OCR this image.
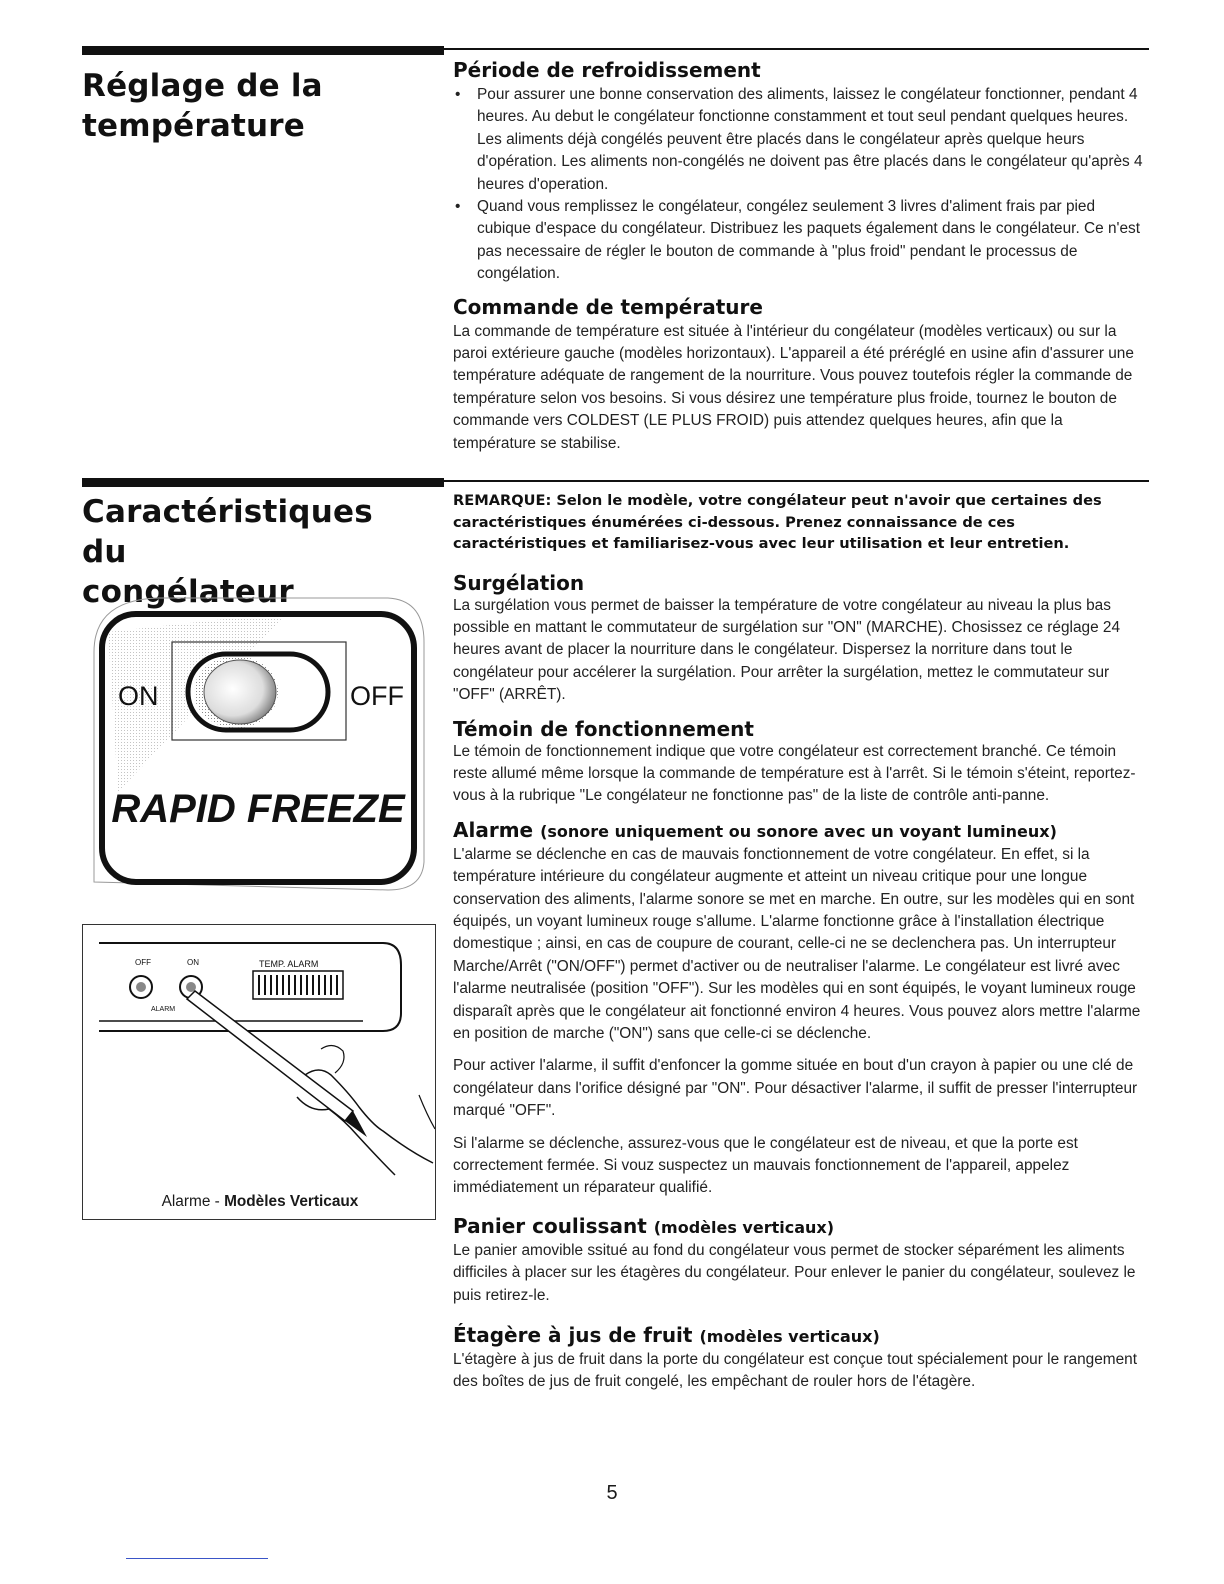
Réglage de la
température
Période de refroidissement
• Pour assurer une bonne conservation des aliments, laissez le congélateur fonctionner, pendant 4 heures. Au debut le congélateur fonctionne constamment et tout seul pendant quelques heures. Les aliments déjà congélés peuvent être placés dans le congélateur après quelque heurs d'opération. Les aliments non-congélés ne doivent pas être placés dans le congélateur qu'après 4 heures d'operation.
• Quand vous remplissez le congélateur, congélez seulement 3 livres d'aliment frais par pied cubique d'espace du congélateur. Distribuez les paquets également dans le congélateur. Ce n'est pas necessaire de régler le bouton de commande à "plus froid" pendant le processus de congélation.
Commande de température

La commande de température est située à l'intérieur du congélateur (modèles verticaux) ou sur la paroi extérieure gauche (modèles horizontaux). L'appareil a été préréglé en usine afin d'assurer une température adéquate de rangement de la nourriture. Vous pouvez toutefois régler la commande de température selon vos besoins. Si vous désirez une température plus froide, tournez le bouton de commande vers COLDEST (LE PLUS FROID) puis attendez quelques heures, afin que la température se stabilise.

Caractéristiques du
congélateur
REMARQUE: Selon le modèle, votre congélateur peut n'avoir que certaines des caractéristiques énumérées ci-dessous. Prenez connaissance de ces caractéristiques et familiarisez-vous avec leur utilisation et leur entretien.
Surgélation

La surgélation vous permet de baisser la température de votre congélateur au niveau la plus bas possible en mattant le commutateur de surgélation sur "ON" (MARCHE). Chosissez ce réglage 24 heures avant de placer la nourriture dans le congélateur. Dispersez la norriture dans tout le congélateur pour accélerer la surgélation. Pour arrêter la surgélation, mettez le commutateur sur "OFF" (ARRÊT).

Témoin de fonctionnement

Le témoin de fonctionnement indique que votre congélateur est correctement branché. Ce témoin reste allumé même lorsque la commande de température est à l'arrêt. Si le témoin s'éteint, reportez-vous à la rubrique "Le congélateur ne fonctionne pas" de la liste de contrôle anti-panne.

Alarme (sonore uniquement ou sonore avec un voyant lumineux)

L'alarme se déclenche en cas de mauvais fonctionnement de votre congélateur. En effet, si la température intérieure du congélateur augmente et atteint un niveau critique pour une longue conservation des aliments, l'alarme sonore se met en marche. En outre, sur les modèles qui en sont équipés, un voyant lumineux rouge s'allume. L'alarme fonctionne grâce à l'installation électrique domestique ; ainsi, en cas de coupure de courant, celle-ci ne se declenchera pas. Un interrupteur Marche/Arrêt ("ON/OFF") permet d'activer ou de neutraliser l'alarme. Le congélateur est livré avec l'alarme neutralisée (position "OFF"). Sur les modèles qui en sont équipés, le voyant lumineux rouge disparaît après que le congélateur ait fonctionné environ 4 heures. Vous pouvez alors mettre l'alarme en position de marche ("ON") sans que celle-ci se déclenche.

Pour activer l'alarme, il suffit d'enfoncer la gomme située en bout d'un crayon à papier ou une clé de congélateur dans l'orifice désigné par "ON". Pour désactiver l'alarme, il suffit de presser l'interrupteur marqué "OFF".

Si l'alarme se déclenche, assurez-vous que le congélateur est de niveau, et que la porte est correctement fermée. Si vouz suspectez un mauvais fonctionnement de l'appareil, appelez immédiatement un réparateur qualifié.

Panier coulissant (modèles verticaux)

Le panier amovible ssitué au fond du congélateur vous permet de stocker séparément les aliments difficiles à placer sur les étagères du congélateur. Pour enlever le panier du congélateur, soulevez le puis retirez-le.

Étagère à jus de fruit (modèles verticaux)

L'étagère à jus de fruit dans la porte du congélateur est conçue tout spécialement pour le rangement des boîtes de jus de fruit congelé, les empêchant de rouler hors de l'étagère.

ON	OFF
RAPID FREEZE
OFF	ON	TEMP. ALARM
ALARM
Alarme - Modèles Verticaux
5
